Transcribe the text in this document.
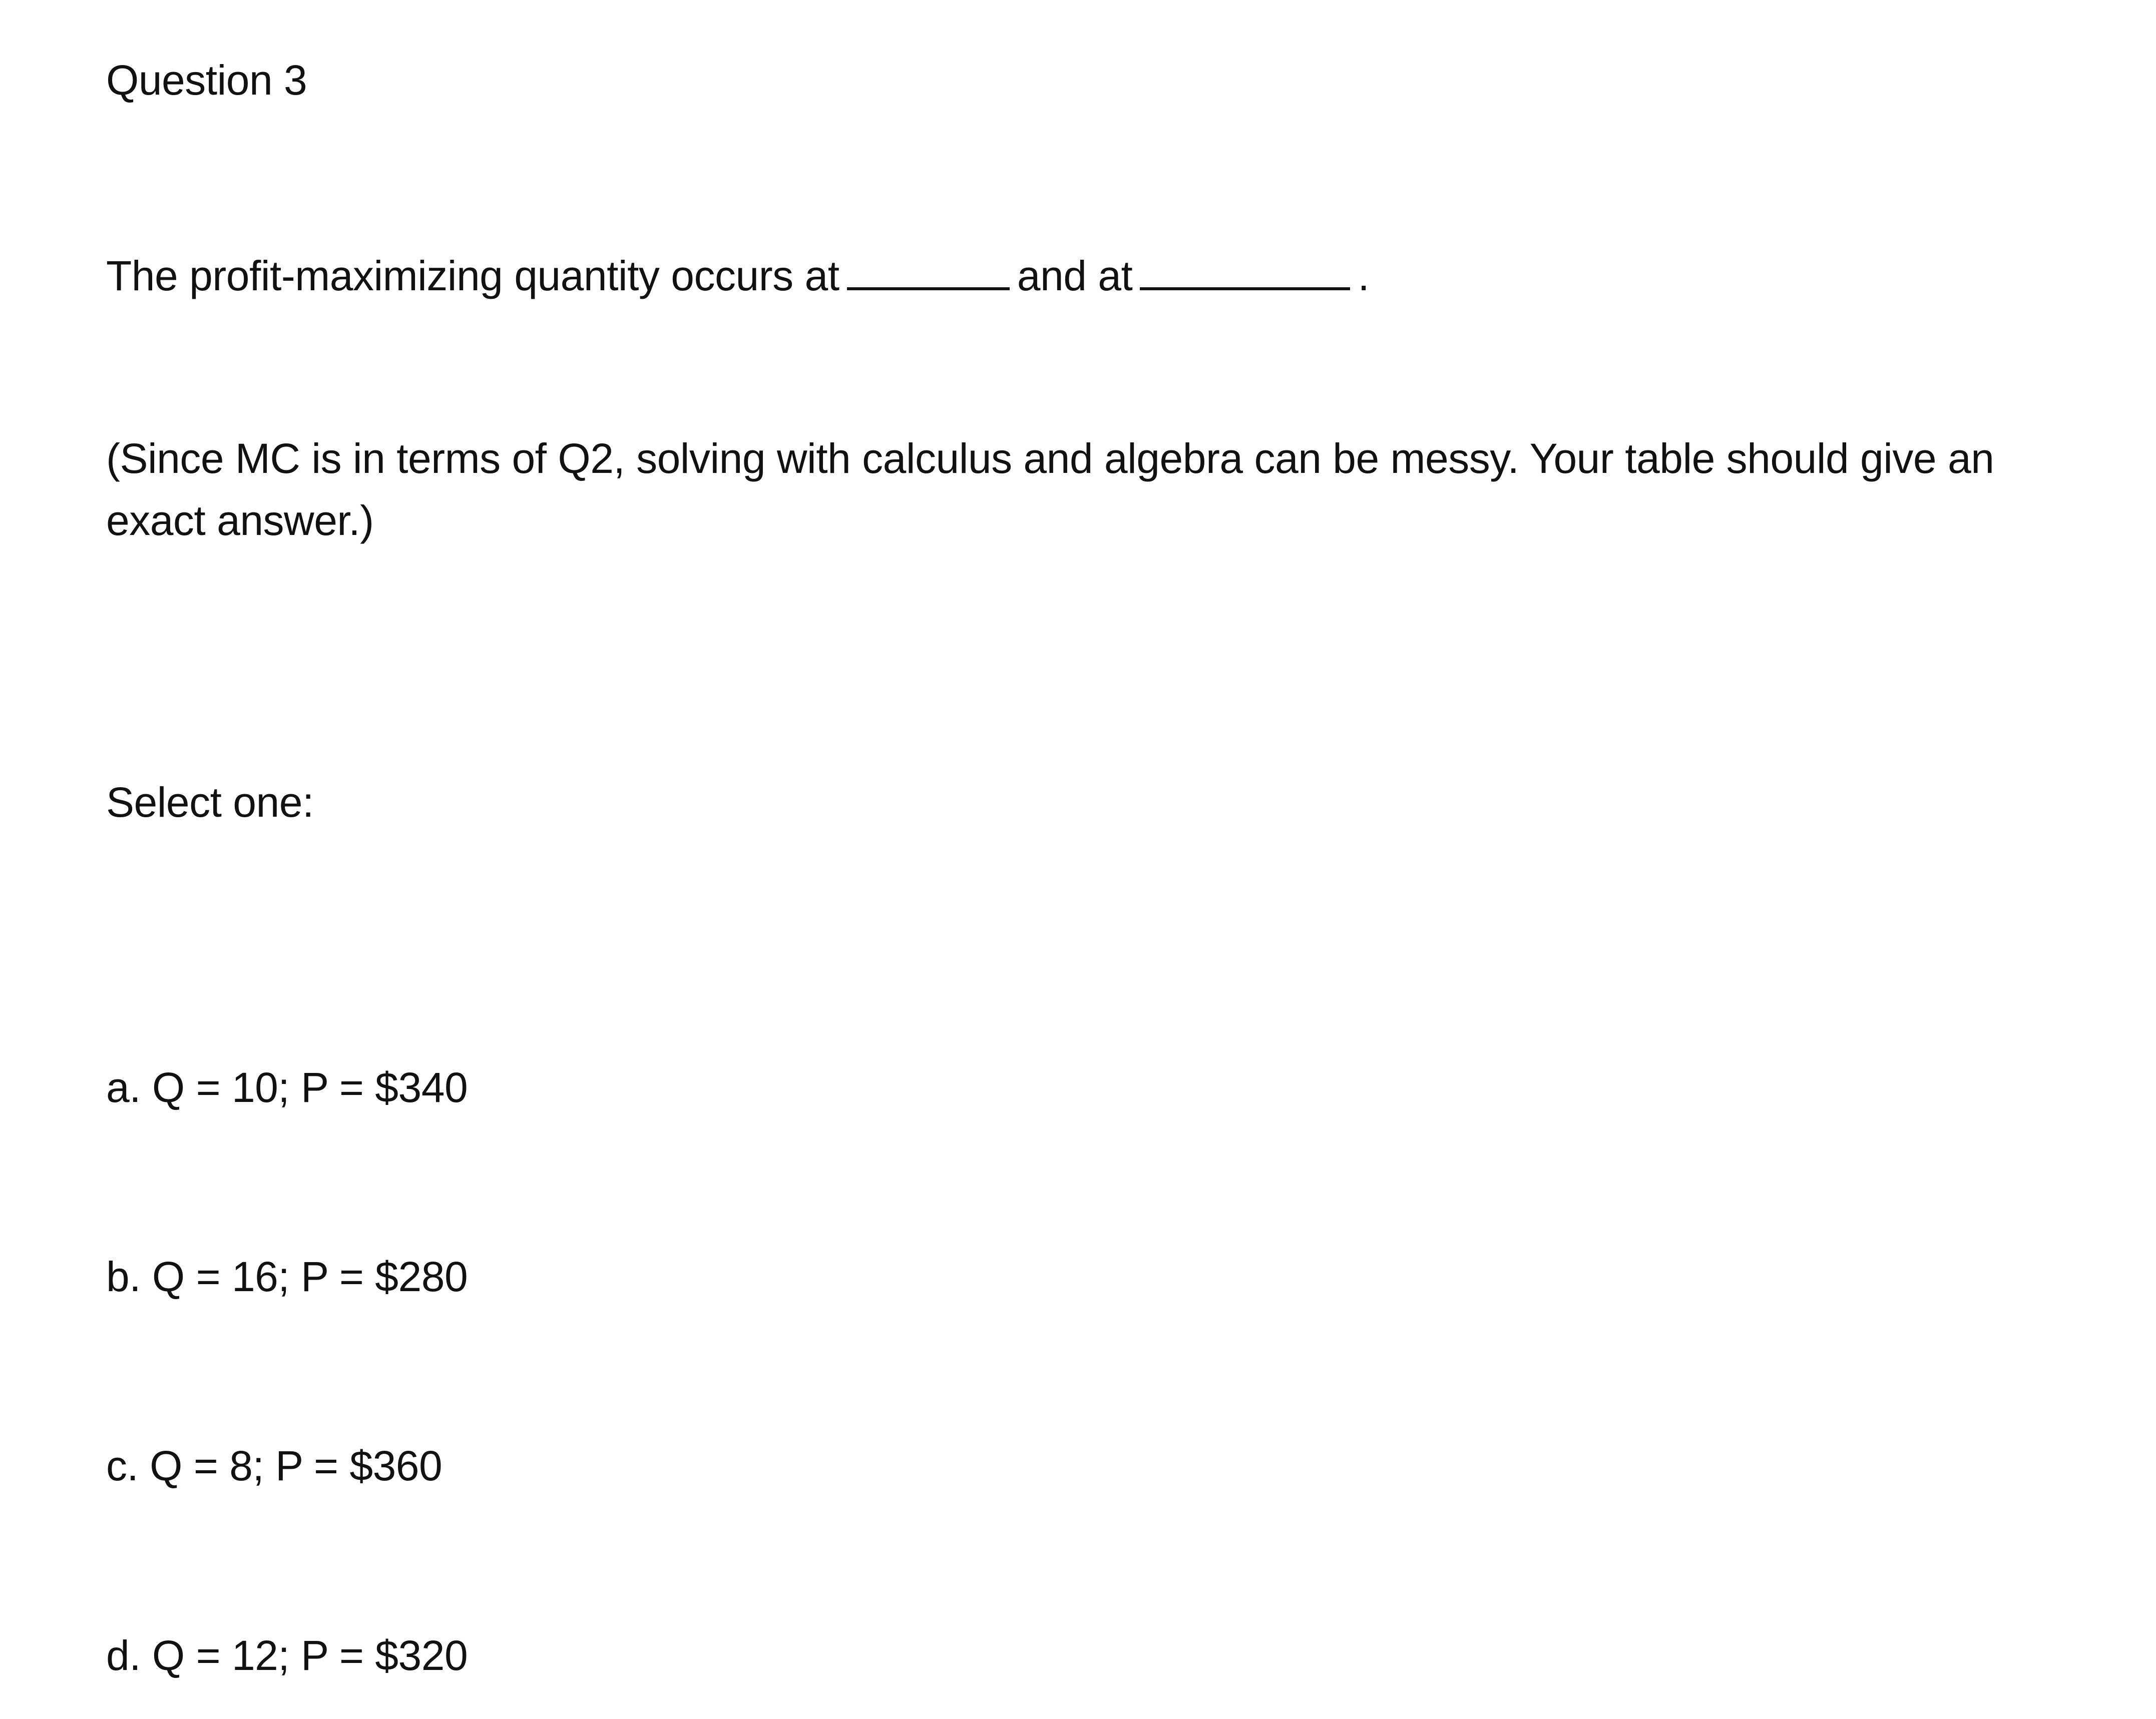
Question 3
The profit-maximizing quantity occurs at	and at	.
(Since MC is in terms of Q2, solving with calculus and algebra can be messy. Your table should give an
exact answer.)
Select one:
a. Q = 10; P = $340
b. Q = 16; P = $280
c. Q = 8; P = $360
d. Q = 12; P = $320
